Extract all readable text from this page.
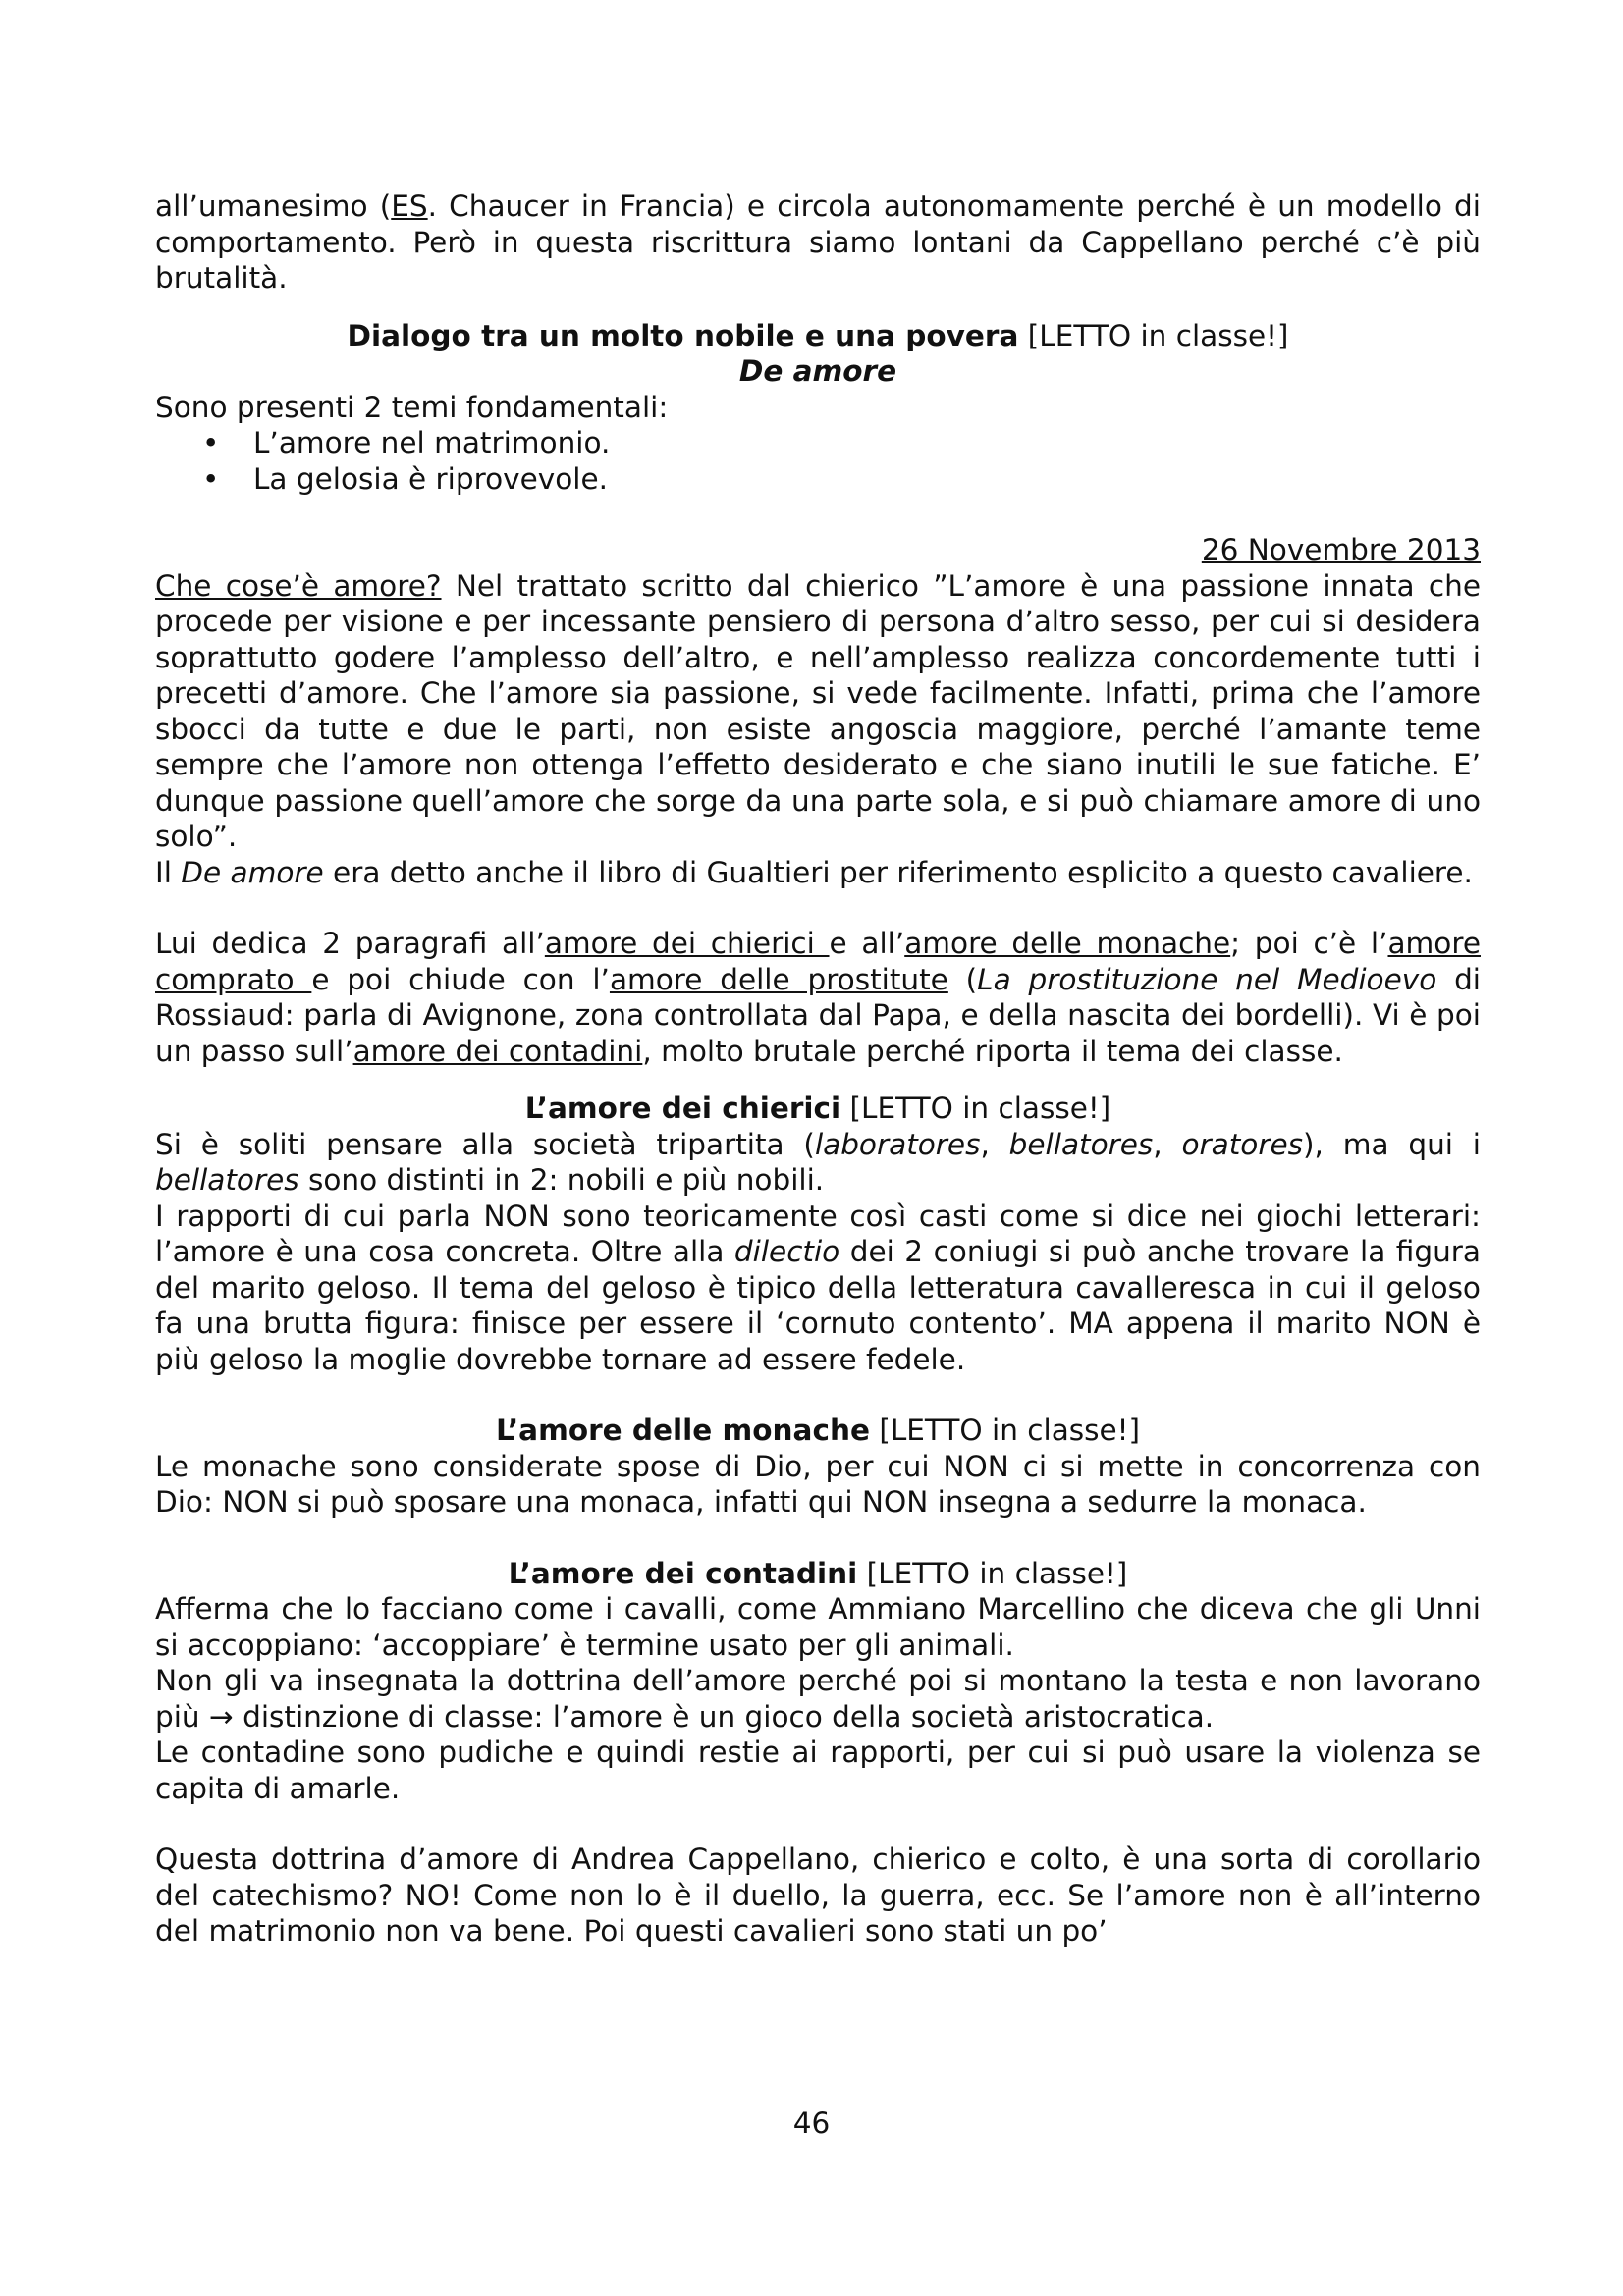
all’umanesimo (ES. Chaucer in Francia) e circola autonomamente perché è un modello di comportamento. Però in questa riscrittura siamo lontani da Cappellano perché c’è più brutalità.

Dialogo tra un molto nobile e una povera [LETTO in classe!]

De amore

Sono presenti 2 temi fondamentali:

• L’amore nel matrimonio.
• La gelosia è riprovevole.

26 Novembre 2013

Che cose’è amore? Nel trattato scritto dal chierico ”L’amore è una passione innata che procede per visione e per incessante pensiero di persona d’altro sesso, per cui si desidera soprattutto godere l’amplesso dell’altro, e nell’amplesso realizza concordemente tutti i precetti d’amore. Che l’amore sia passione, si vede facilmente. Infatti, prima che l’amore sbocci da tutte e due le parti, non esiste angoscia maggiore, perché l’amante teme sempre che l’amore non ottenga l’effetto desiderato e che siano inutili le sue fatiche. E’ dunque passione quell’amore che sorge da una parte sola, e si può chiamare amore di uno solo”.

Il De amore era detto anche il libro di Gualtieri per riferimento esplicito a questo cavaliere.

Lui dedica 2 paragrafi all’amore dei chierici e all’amore delle monache; poi c’è l’amore comprato e poi chiude con l’amore delle prostitute (La prostituzione nel Medioevo di Rossiaud: parla di Avignone, zona controllata dal Papa, e della nascita dei bordelli). Vi è poi un passo sull’amore dei contadini, molto brutale perché riporta il tema dei classe.

L’amore dei chierici [LETTO in classe!]

Si è soliti pensare alla società tripartita (laboratores, bellatores, oratores), ma qui i bellatores sono distinti in 2: nobili e più nobili.

I rapporti di cui parla NON sono teoricamente così casti come si dice nei giochi letterari: l’amore è una cosa concreta. Oltre alla dilectio dei 2 coniugi si può anche trovare la figura del marito geloso. Il tema del geloso è tipico della letteratura cavalleresca in cui il geloso fa una brutta figura: finisce per essere il ‘cornuto contento’. MA appena il marito NON è più geloso la moglie dovrebbe tornare ad essere fedele.

L’amore delle monache [LETTO in classe!]

Le monache sono considerate spose di Dio, per cui NON ci si mette in concorrenza con Dio: NON si può sposare una monaca, infatti qui NON insegna a sedurre la monaca.

L’amore dei contadini [LETTO in classe!]

Afferma che lo facciano come i cavalli, come Ammiano Marcellino che diceva che gli Unni si accoppiano: ‘accoppiare’ è termine usato per gli animali.

Non gli va insegnata la dottrina dell’amore perché poi si montano la testa e non lavorano più → distinzione di classe: l’amore è un gioco della società aristocratica.

Le contadine sono pudiche e quindi restie ai rapporti, per cui si può usare la violenza se capita di amarle.

Questa dottrina d’amore di Andrea Cappellano, chierico e colto, è una sorta di corollario del catechismo? NO! Come non lo è il duello, la guerra, ecc. Se l’amore non è all’interno del matrimonio non va bene. Poi questi cavalieri sono stati un po’

46
